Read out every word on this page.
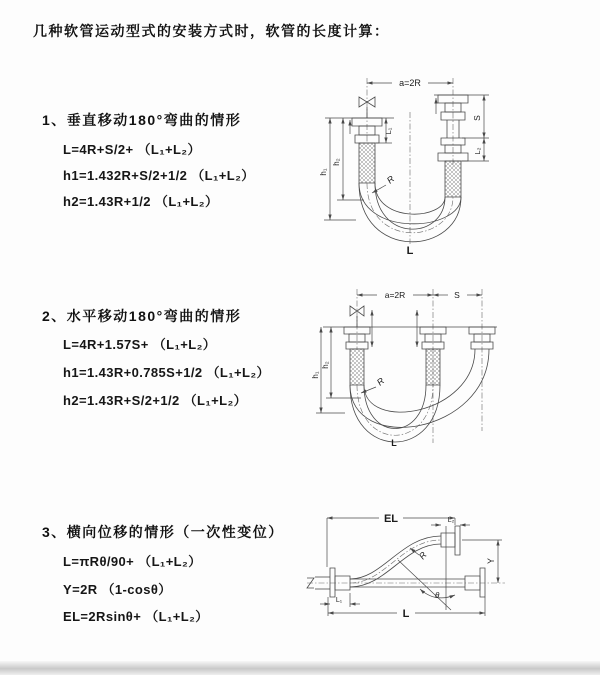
几种软管运动型式的安装方式时，软管的长度计算：
1、垂直移动180°弯曲的情形
L=4R+S/2+ （L₁+L₂）
h1=1.432R+S/2+1/2 （L₁+L₂）
h2=1.43R+1/2 （L₁+L₂）
2、水平移动180°弯曲的情形
L=4R+1.57S+ （L₁+L₂）
h1=1.43R+0.785S+1/2 （L₁+L₂）
h2=1.43R+S/2+1/2 （L₁+L₂）
3、横向位移的情形（一次性变位）
L=πRθ/90+ （L₁+L₂）
Y=2R （1-cosθ）
EL=2Rsinθ+ （L₁+L₂）
a=2R
h₁
h₂
L₁
S
L₂
R
L
a=2R	S
h₁
h₂
R
L
EL	L₂
θ
R	Y
L₁
L
